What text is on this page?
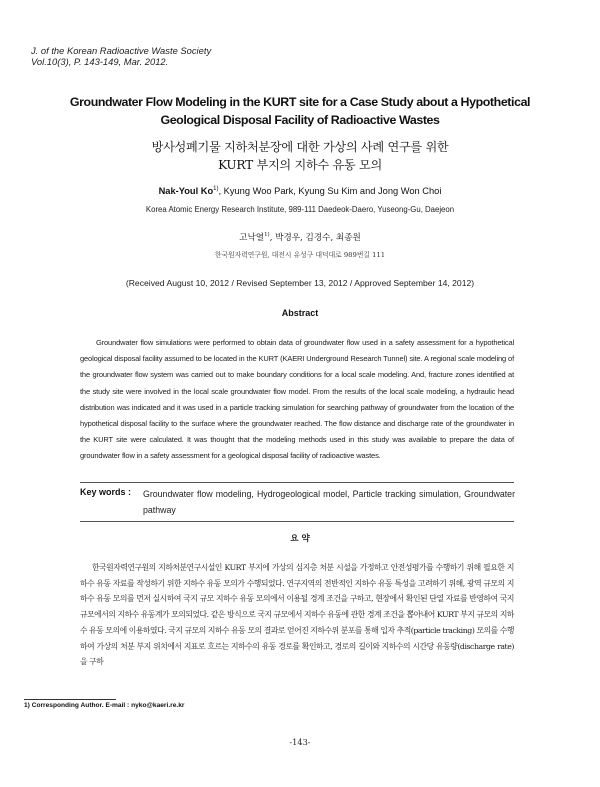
J. of the Korean Radioactive Waste Society
Vol.10(3), P. 143-149, Mar. 2012.
Groundwater Flow Modeling in the KURT site for a Case Study about a Hypothetical Geological Disposal Facility of Radioactive Wastes
방사성폐기물 지하처분장에 대한 가상의 사례 연구를 위한
KURT 부지의 지하수 유동 모의
Nak-Youl Ko$^{1)}$, Kyung Woo Park, Kyung Su Kim and Jong Won Choi
Korea Atomic Energy Research Institute, 989-111 Daedeok-Daero, Yuseong-Gu, Daejeon
고낙열$^{1)}$, 박경우, 김경수, 최종원
한국원자력연구원, 대전시 유성구 대덕대로 989번길 111
(Received August 10, 2012 / Revised September 13, 2012 / Approved September 14, 2012)
Abstract

Groundwater flow simulations were performed to obtain data of groundwater flow used in a safety assessment for a hypothetical geological disposal facility assumed to be located in the KURT (KAERI Underground Research Tunnel) site. A regional scale modeling of the groundwater flow system was carried out to make boundary conditions for a local scale modeling. And, fracture zones identified at the study site were involved in the local scale groundwater flow model. From the results of the local scale modeling, a hydraulic head distribution was indicated and it was used in a particle tracking simulation for searching pathway of groundwater from the location of the hypothetical disposal facility to the surface where the groundwater reached. The flow distance and discharge rate of the groundwater in the KURT site were calculated. It was thought that the modeling methods used in this study was available to prepare the data of groundwater flow in a safety assessment for a geological disposal facility of radioactive wastes.

Key words : Groundwater flow modeling, Hydrogeological model, Particle tracking simulation, Groundwater pathway
요 약

한국원자력연구원의 지하처분연구시설인 KURT 부지에 가상의 심지층 처분 시설을 가정하고 안전성평가를 수행하기 위해 필요한 지하수 유동 자료를 작성하기 위한 지하수 유동 모의가 수행되었다. 연구지역의 전반적인 지하수 유동 특성을 고려하기 위해, 광역 규모의 지하수 유동 모의를 먼저 실시하여 국지 규모 지하수 유동 모의에서 이용될 경계 조건을 구하고, 현장에서 확인된 단열 자료를 반영하여 국지 규모에서의 지하수 유동계가 모의되었다. 같은 방식으로 국지 규모에서 지하수 유동에 관한 경계 조건을 뽑아내어 KURT 부지 규모의 지하수 유동 모의에 이용하였다. 국지 규모의 지하수 유동 모의 결과로 얻어진 지하수위 분포를 통해 입자 추적(particle tracking) 모의를 수행하여 가상의 처분 부지 위치에서 지표로 흐르는 지하수의 유동 경로를 확인하고, 경로의 길이와 지하수의 시간당 유동량(discharge rate)을 구하

1) Corresponding Author. E-mail : nyko@kaeri.re.kr
-143-
